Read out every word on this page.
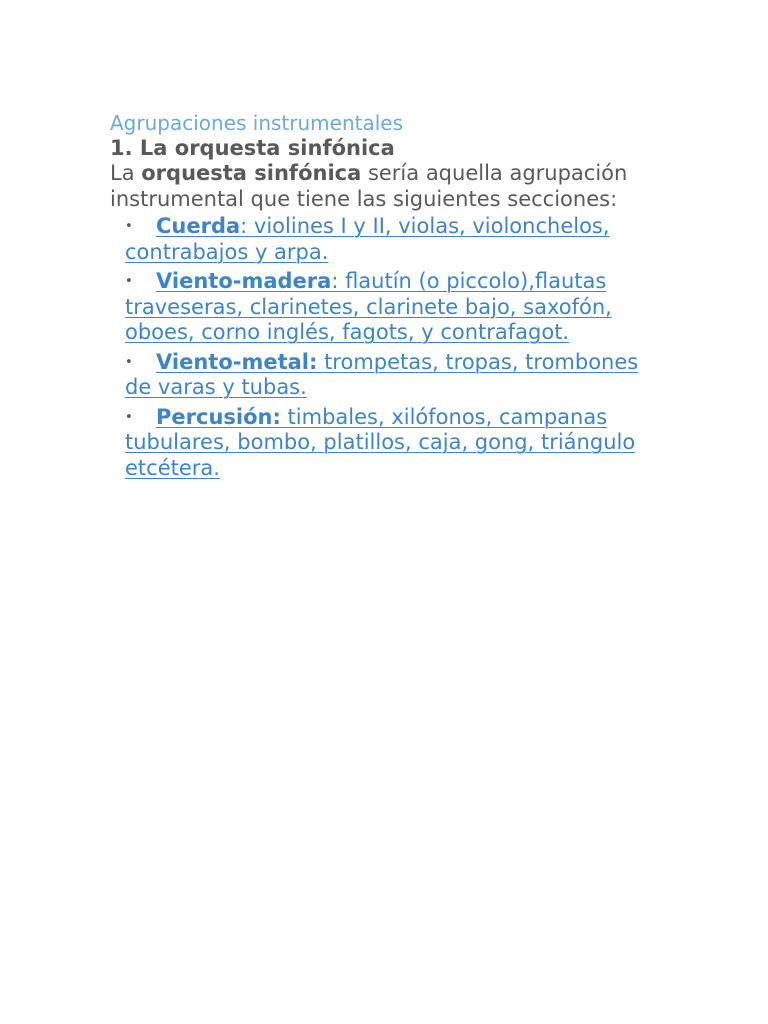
Agrupaciones instrumentales
1. La orquesta sinfónica

La orquesta sinfónica sería aquella agrupación instrumental que tiene las siguientes secciones:

• Cuerda: violines I y II, violas, violonchelos, contrabajos y arpa.
• Viento-madera: flautín (o piccolo),flautas traveseras, clarinetes, clarinete bajo, saxofón, oboes, corno inglés, fagots, y contrafagot.
• Viento-metal: trompetas, tropas, trombones de varas y tubas.
• Percusión: timbales, xilófonos, campanas tubulares, bombo, platillos, caja, gong, triángulo etcétera.
